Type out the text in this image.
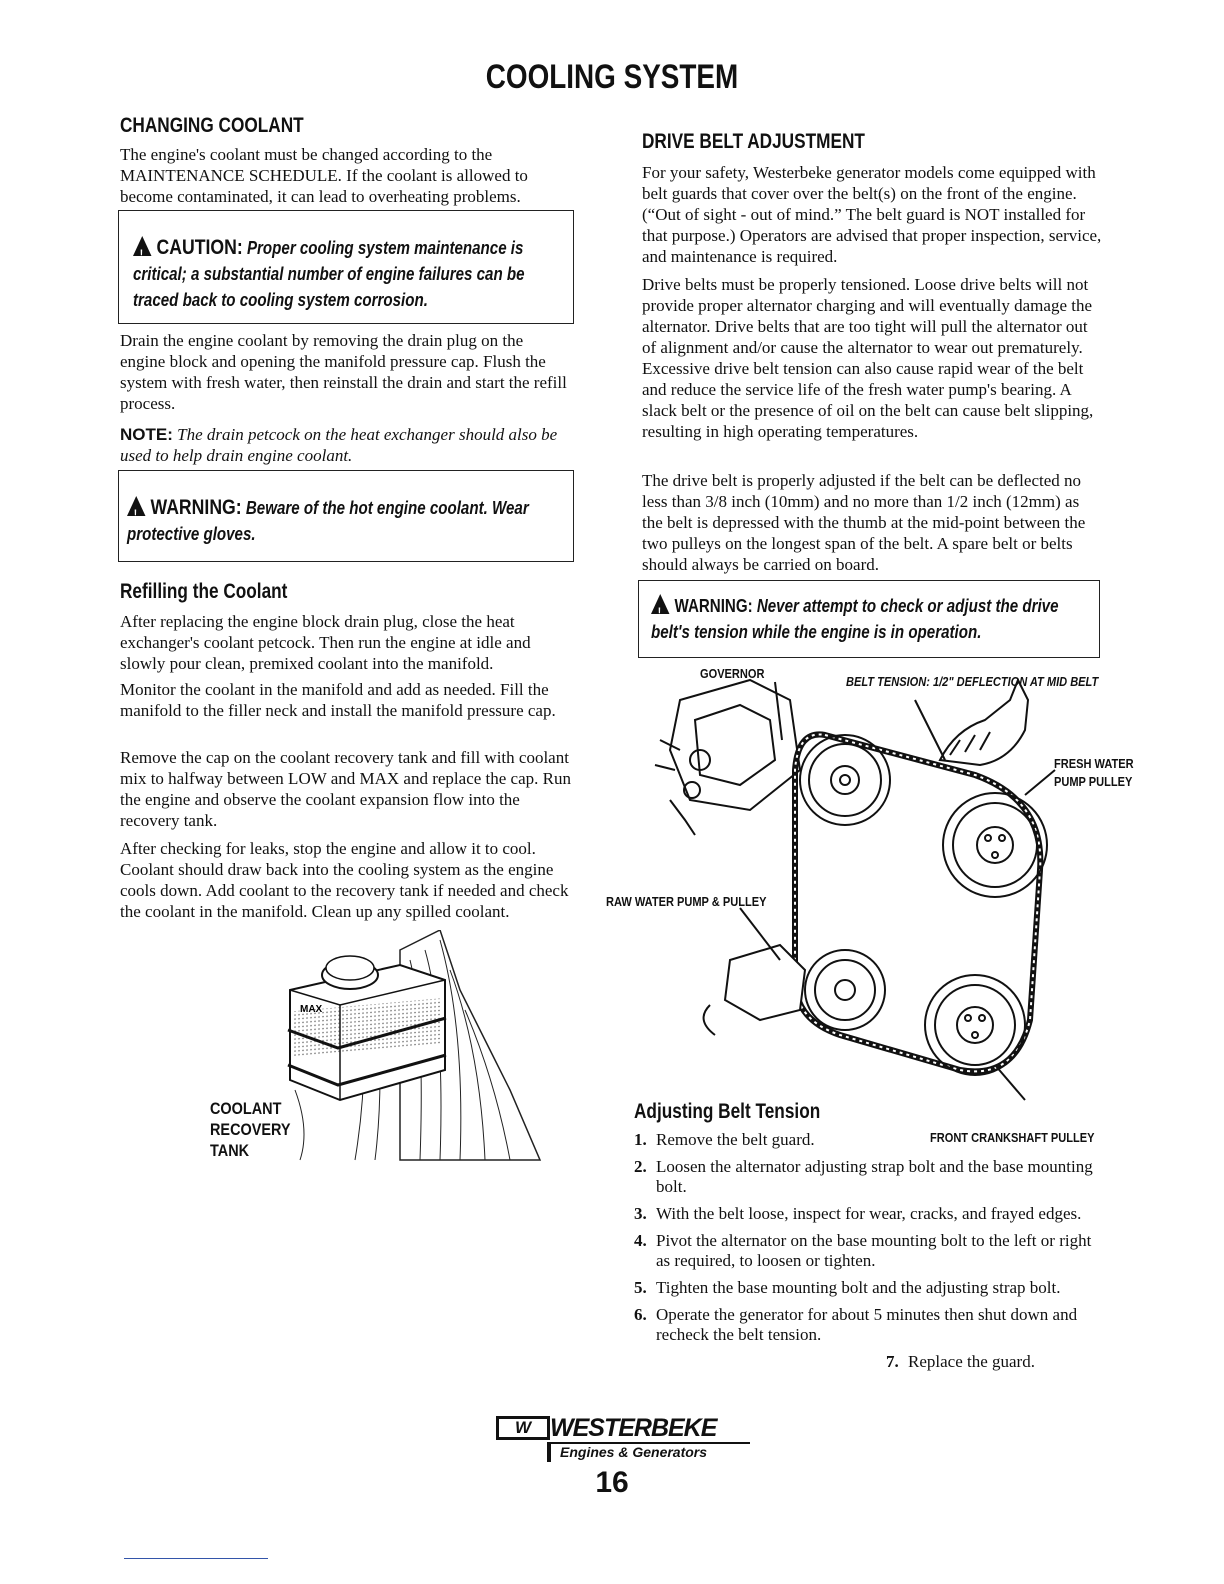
COOLING SYSTEM
CHANGING COOLANT

The engine's coolant must be changed according to the MAINTENANCE SCHEDULE. If the coolant is allowed to become contaminated, it can lead to overheating problems.

!CAUTION: Proper cooling system maintenance is critical; a substantial number of engine failures can be traced back to cooling system corrosion.

Drain the engine coolant by removing the drain plug on the engine block and opening the manifold pressure cap. Flush the system with fresh water, then reinstall the drain and start the refill process.

NOTE: The drain petcock on the heat exchanger should also be used to help drain engine coolant.

!WARNING: Beware of the hot engine coolant. Wear protective gloves.
Refilling the Coolant

After replacing the engine block drain plug, close the heat exchanger's coolant petcock. Then run the engine at idle and slowly pour clean, premixed coolant into the manifold.

Monitor the coolant in the manifold and add as needed. Fill the manifold to the filler neck and install the manifold pressure cap.

Remove the cap on the coolant recovery tank and fill with coolant mix to halfway between LOW and MAX and replace the cap. Run the engine and observe the coolant expansion flow into the recovery tank.

After checking for leaks, stop the engine and allow it to cool. Coolant should draw back into the cooling system as the engine cools down. Add coolant to the recovery tank if needed and check the coolant in the manifold. Clean up any spilled coolant.

MAX
COOLANT
RECOVERY
TANK
DRIVE BELT ADJUSTMENT

For your safety, Westerbeke generator models come equipped with belt guards that cover over the belt(s) on the front of the engine. (“Out of sight - out of mind.” The belt guard is NOT installed for that purpose.) Operators are advised that proper inspection, service, and maintenance is required.

Drive belts must be properly tensioned. Loose drive belts will not provide proper alternator charging and will eventually damage the alternator. Drive belts that are too tight will pull the alternator out of alignment and/or cause the alternator to wear out prematurely. Excessive drive belt tension can also cause rapid wear of the belt and reduce the service life of the fresh water pump's bearing. A slack belt or the presence of oil on the belt can cause belt slipping, resulting in high operating temperatures.

The drive belt is properly adjusted if the belt can be deflected no less than 3/8 inch (10mm) and no more than 1/2 inch (12mm) as the belt is depressed with the thumb at the mid-point between the two pulleys on the longest span of the belt. A spare belt or belts should always be carried on board.

!WARNING: Never attempt to check or adjust the drive belt's tension while the engine is in operation.
GOVERNOR
BELT TENSION: 1/2" DEFLECTION AT MID BELT
FRESH WATER
PUMP PULLEY
RAW WATER PUMP & PULLEY
FRONT CRANKSHAFT PULLEY
Adjusting Belt Tension
1. Remove the belt guard.
2. Loosen the alternator adjusting strap bolt and the base mounting bolt.
3. With the belt loose, inspect for wear, cracks, and frayed edges.
4. Pivot the alternator on the base mounting bolt to the left or right as required, to loosen or tighten.
5. Tighten the base mounting bolt and the adjusting strap bolt.
6. Operate the generator for about 5 minutes then shut down and recheck the belt tension.
7. Replace the guard.
W WESTERBEKE
Engines & Generators
16
